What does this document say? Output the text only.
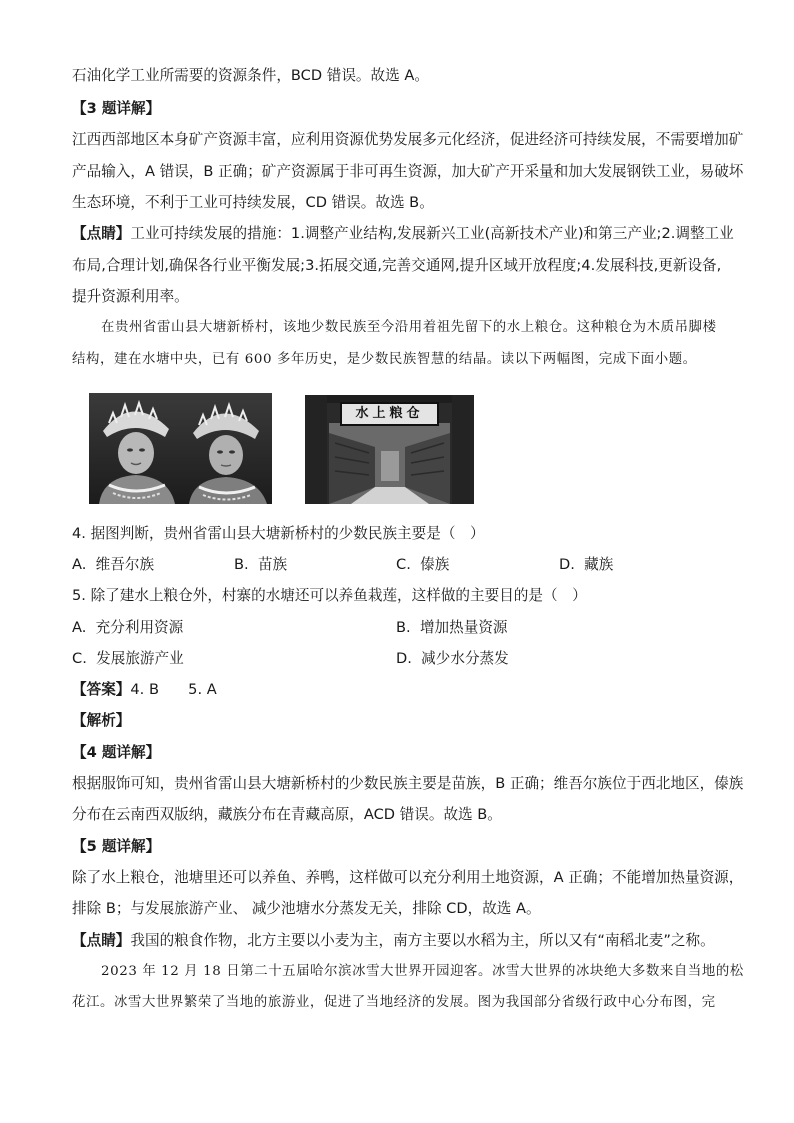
石油化学工业所需要的资源条件，BCD 错误。故选 A。
【3 题详解】
江西西部地区本身矿产资源丰富，应利用资源优势发展多元化经济，促进经济可持续发展，不需要增加矿
产品输入，A 错误，B 正确；矿产资源属于非可再生资源，加大矿产开采量和加大发展钢铁工业，易破坏
生态环境，不利于工业可持续发展，CD 错误。故选 B。
【点睛】工业可持续发展的措施：1.调整产业结构,发展新兴工业(高新技术产业)和第三产业;2.调整工业
布局,合理计划,确保各行业平衡发展;3.拓展交通,完善交通网,提升区域开放程度;4.发展科技,更新设备,
提升资源利用率。
在贵州省雷山县大塘新桥村，该地少数民族至今沿用着祖先留下的水上粮仓。这种粮仓为木质吊脚楼
结构，建在水塘中央，已有 600 多年历史，是少数民族智慧的结晶。读以下两幅图，完成下面小题。
水上粮仓
4. 据图判断，贵州省雷山县大塘新桥村的少数民族主要是（　）
A. 维吾尔族	B. 苗族	C. 傣族	D. 藏族
5. 除了建水上粮仓外，村寨的水塘还可以养鱼栽莲，这样做的主要目的是（　）
A. 充分利用资源	B. 增加热量资源
C. 发展旅游产业	D. 减少水分蒸发
【答案】4. B　　5. A
【解析】
【4 题详解】
根据服饰可知，贵州省雷山县大塘新桥村的少数民族主要是苗族，B 正确；维吾尔族位于西北地区，傣族
分布在云南西双版纳，藏族分布在青藏高原，ACD 错误。故选 B。
【5 题详解】
除了水上粮仓，池塘里还可以养鱼、养鸭，这样做可以充分利用土地资源，A 正确；不能增加热量资源，
排除 B；与发展旅游产业、 减少池塘水分蒸发无关，排除 CD，故选 A。
【点睛】我国的粮食作物，北方主要以小麦为主，南方主要以水稻为主，所以又有“南稻北麦”之称。
2023 年 12 月 18 日第二十五届哈尔滨冰雪大世界开园迎客。冰雪大世界的冰块绝大多数来自当地的松
花江。冰雪大世界繁荣了当地的旅游业，促进了当地经济的发展。图为我国部分省级行政中心分布图，完
